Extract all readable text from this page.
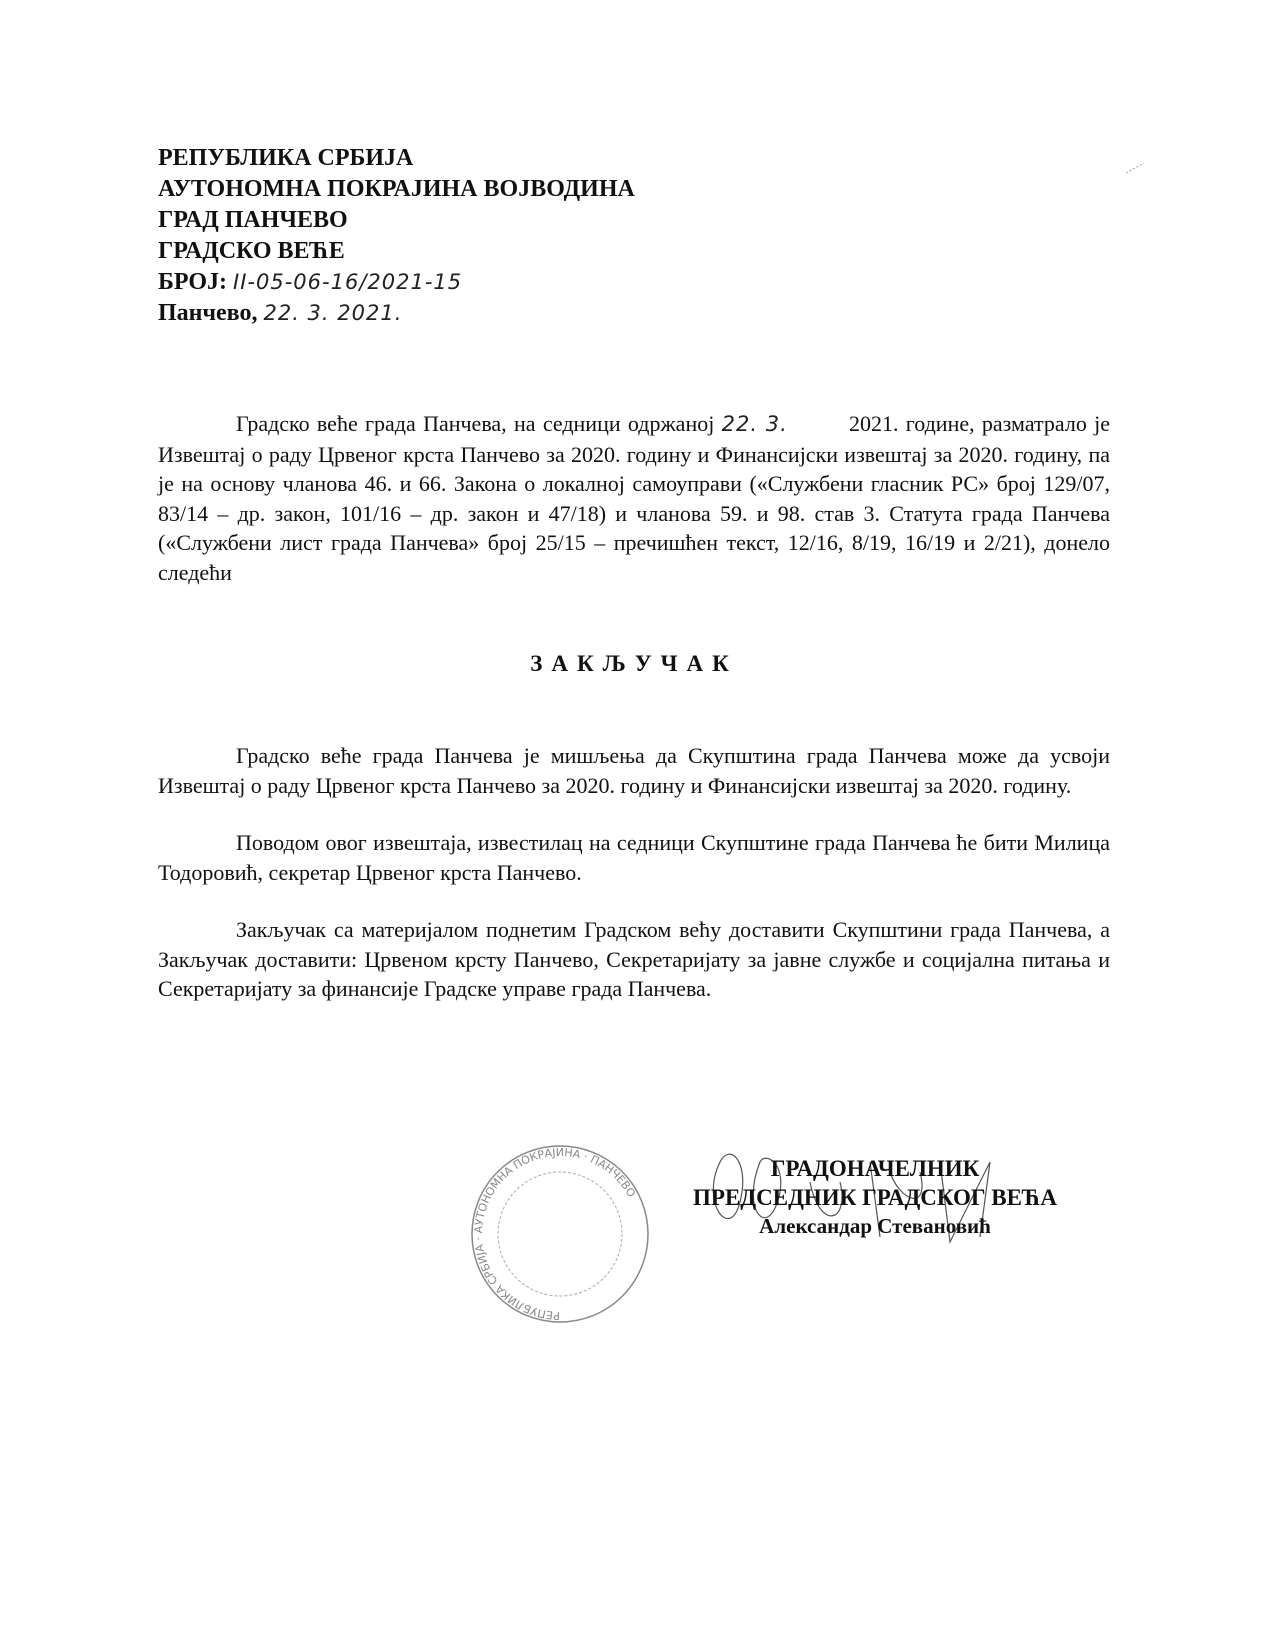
РЕПУБЛИКА СРБИЈА
АУТОНОМНА ПОКРАЈИНА ВОЈВОДИНА
ГРАД ПАНЧЕВО
ГРАДСКО ВЕЋЕ
БРОЈ: II-05-06-16/2021-15
Панчево, 22. 3. 2021.

Градско веће града Панчева, на седници одржаној 22. 3.	2021. године, разматрало је Извештај о раду Црвеног крста Панчево за 2020. годину и Финансијски извештај за 2020. годину, па је на основу чланова 46. и 66. Закона о локалној самоуправи («Службени гласник РС» број 129/07, 83/14 – др. закон, 101/16 – др. закон и 47/18) и чланова 59. и 98. став 3. Статута града Панчева («Службени лист града Панчева» број 25/15 – пречишћен текст, 12/16, 8/19, 16/19 и 2/21), донело следећи

ЗАКЉУЧАК

Градско веће града Панчева је мишљења да Скупштина града Панчева може да усвоји Извештај о раду Црвеног крста Панчево за 2020. годину и Финансијски извештај за 2020. годину.

Поводом овог извештаја, известилац на седници Скупштине града Панчева ће бити Милица Тодоровић, секретар Црвеног крста Панчево.

Закључак са материјалом поднетим Градском већу доставити Скупштини града Панчева, а Закључак доставити: Црвеном крсту Панчево, Секретаријату за јавне службе и социјална питања и Секретаријату за финансије Градске управе града Панчева.

РЕПУБЛИКА СРБИЈА · АУТОНОМНА ПОКРАЈИНА · ПАНЧЕВО
ГРАДОНАЧЕЛНИК
ПРЕДСЕДНИК ГРАДСКОГ ВЕЋА
Александар Стевановић
